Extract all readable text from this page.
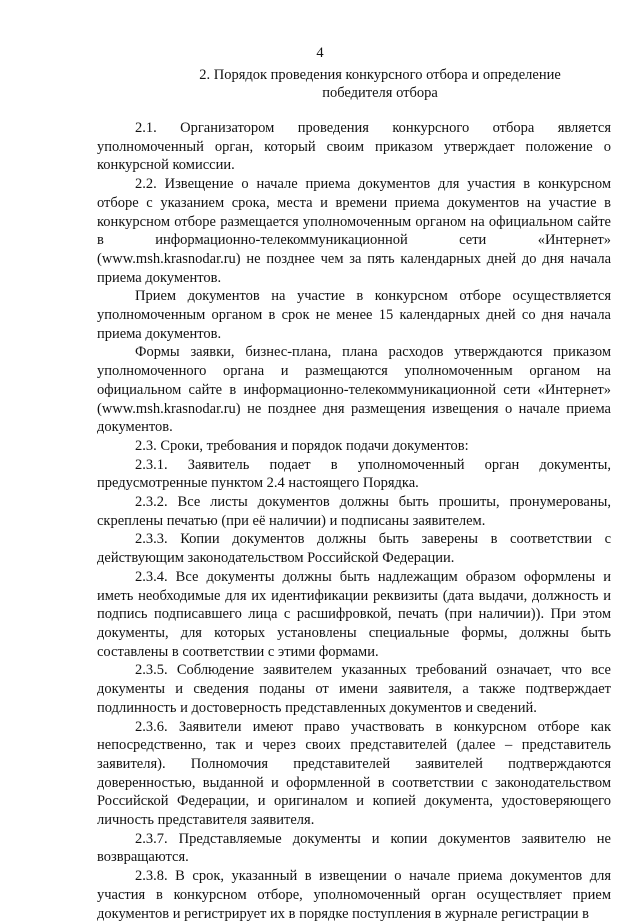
4
2. Порядок проведения конкурсного отбора и определение
победителя отбора

2.1. Организатором проведения конкурсного отбора является уполномоченный орган, который своим приказом утверждает положение о конкурсной комиссии.

2.2. Извещение о начале приема документов для участия в конкурсном отборе с указанием срока, места и времени приема документов на участие в конкурсном отборе размещается уполномоченным органом на официальном сайте в информационно-телекоммуникационной сети «Интернет» (www.msh.krasnodar.ru) не позднее чем за пять календарных дней до дня начала приема документов.

Прием документов на участие в конкурсном отборе осуществляется уполномоченным органом в срок не менее 15 календарных дней со дня начала приема документов.

Формы заявки, бизнес-плана, плана расходов утверждаются приказом уполномоченного органа и размещаются уполномоченным органом на официальном сайте в информационно-телекоммуникационной сети «Интернет» (www.msh.krasnodar.ru) не позднее дня размещения извещения о начале приема документов.

2.3. Сроки, требования и порядок подачи документов:

2.3.1. Заявитель подает в уполномоченный орган документы, предусмотренные пунктом 2.4 настоящего Порядка.

2.3.2. Все листы документов должны быть прошиты, пронумерованы, скреплены печатью (при её наличии) и подписаны заявителем.

2.3.3. Копии документов должны быть заверены в соответствии с действующим законодательством Российской Федерации.

2.3.4. Все документы должны быть надлежащим образом оформлены и иметь необходимые для их идентификации реквизиты (дата выдачи, должность и подпись подписавшего лица с расшифровкой, печать (при наличии)). При этом документы, для которых установлены специальные формы, должны быть составлены в соответствии с этими формами.

2.3.5. Соблюдение заявителем указанных требований означает, что все документы и сведения поданы от имени заявителя, а также подтверждает подлинность и достоверность представленных документов и сведений.

2.3.6. Заявители имеют право участвовать в конкурсном отборе как непосредственно, так и через своих представителей (далее – представитель заявителя). Полномочия представителей заявителей подтверждаются доверенностью, выданной и оформленной в соответствии с законодательством Российской Федерации, и оригиналом и копией документа, удостоверяющего личность представителя заявителя.

2.3.7. Представляемые документы и копии документов заявителю не возвращаются.

2.3.8. В срок, указанный в извещении о начале приема документов для участия в конкурсном отборе, уполномоченный орган осуществляет прием документов и регистрирует их в порядке поступления в журнале регистрации в
